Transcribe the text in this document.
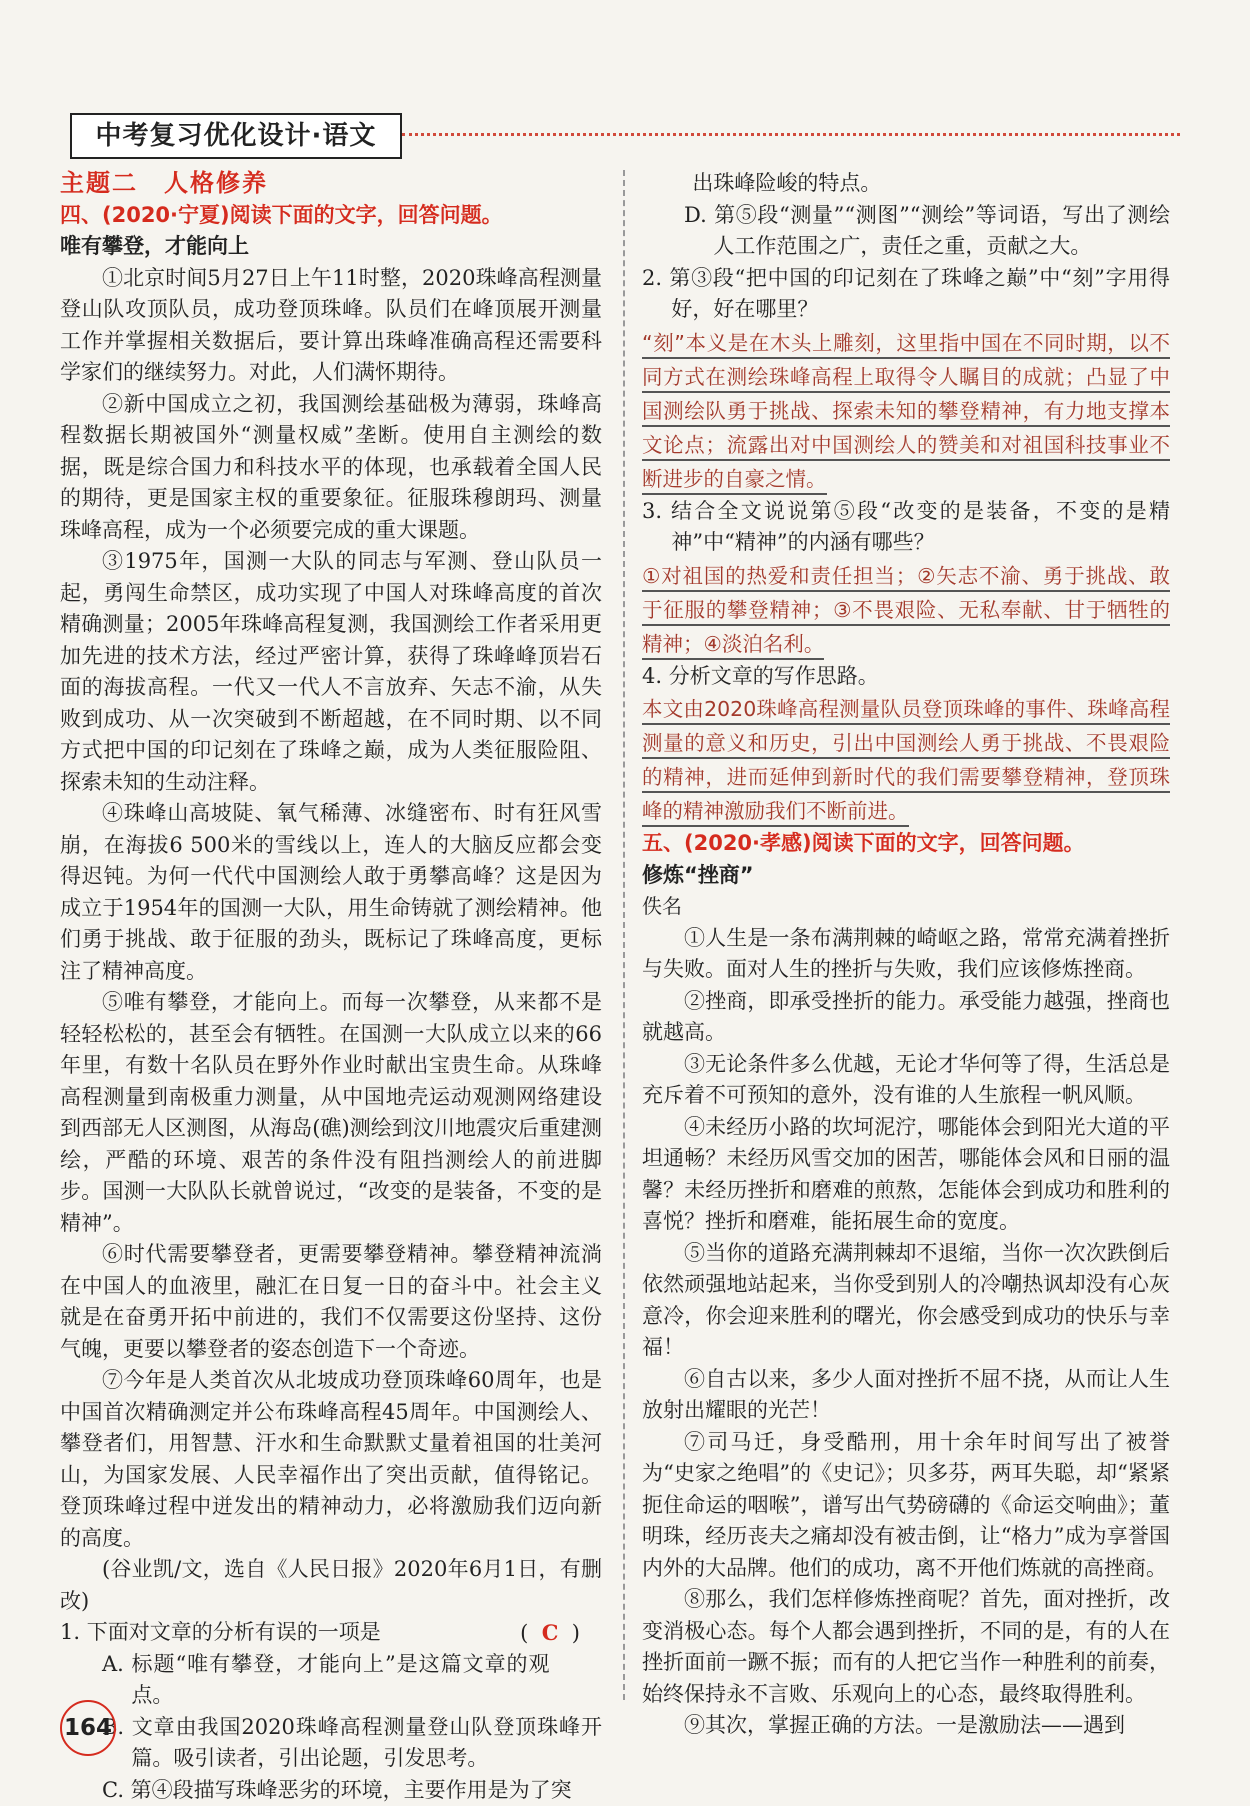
中考复习优化设计·语文

主题二　人格修养

四、(2020·宁夏)阅读下面的文字，回答问题。

唯有攀登，才能向上

①北京时间5月27日上午11时整，2020珠峰高程测量登山队攻顶队员，成功登顶珠峰。队员们在峰顶展开测量工作并掌握相关数据后，要计算出珠峰准确高程还需要科学家们的继续努力。对此，人们满怀期待。

②新中国成立之初，我国测绘基础极为薄弱，珠峰高程数据长期被国外“测量权威”垄断。使用自主测绘的数据，既是综合国力和科技水平的体现，也承载着全国人民的期待，更是国家主权的重要象征。征服珠穆朗玛、测量珠峰高程，成为一个必须要完成的重大课题。

③1975年，国测一大队的同志与军测、登山队员一起，勇闯生命禁区，成功实现了中国人对珠峰高度的首次精确测量；2005年珠峰高程复测，我国测绘工作者采用更加先进的技术方法，经过严密计算，获得了珠峰峰顶岩石面的海拔高程。一代又一代人不言放弃、矢志不渝，从失败到成功、从一次突破到不断超越，在不同时期、以不同方式把中国的印记刻在了珠峰之巅，成为人类征服险阻、探索未知的生动注释。

④珠峰山高坡陡、氧气稀薄、冰缝密布、时有狂风雪崩，在海拔6 500米的雪线以上，连人的大脑反应都会变得迟钝。为何一代代中国测绘人敢于勇攀高峰？这是因为成立于1954年的国测一大队，用生命铸就了测绘精神。他们勇于挑战、敢于征服的劲头，既标记了珠峰高度，更标注了精神高度。

⑤唯有攀登，才能向上。而每一次攀登，从来都不是轻轻松松的，甚至会有牺牲。在国测一大队成立以来的66年里，有数十名队员在野外作业时献出宝贵生命。从珠峰高程测量到南极重力测量，从中国地壳运动观测网络建设到西部无人区测图，从海岛(礁)测绘到汶川地震灾后重建测绘，严酷的环境、艰苦的条件没有阻挡测绘人的前进脚步。国测一大队队长就曾说过，“改变的是装备，不变的是精神”。

⑥时代需要攀登者，更需要攀登精神。攀登精神流淌在中国人的血液里，融汇在日复一日的奋斗中。社会主义就是在奋勇开拓中前进的，我们不仅需要这份坚持、这份气魄，更要以攀登者的姿态创造下一个奇迹。

⑦今年是人类首次从北坡成功登顶珠峰60周年，也是中国首次精确测定并公布珠峰高程45周年。中国测绘人、攀登者们，用智慧、汗水和生命默默丈量着祖国的壮美河山，为国家发展、人民幸福作出了突出贡献，值得铭记。登顶珠峰过程中迸发出的精神动力，必将激励我们迈向新的高度。

(谷业凯/文，选自《人民日报》2020年6月1日，有删改)

1. 下面对文章的分析有误的一项是	( C )

A. 标题“唯有攀登，才能向上”是这篇文章的观点。

B. 文章由我国2020珠峰高程测量登山队登顶珠峰开篇。吸引读者，引出论题，引发思考。

C. 第④段描写珠峰恶劣的环境，主要作用是为了突

出珠峰险峻的特点。

D. 第⑤段“测量”“测图”“测绘”等词语，写出了测绘人工作范围之广，责任之重，贡献之大。

2. 第③段“把中国的印记刻在了珠峰之巅”中“刻”字用得好，好在哪里？

“刻”本义是在木头上雕刻，这里指中国在不同时期，以不同方式在测绘珠峰高程上取得令人瞩目的成就；凸显了中国测绘队勇于挑战、探索未知的攀登精神，有力地支撑本文论点；流露出对中国测绘人的赞美和对祖国科技事业不断进步的自豪之情。

3. 结合全文说说第⑤段“改变的是装备，不变的是精神”中“精神”的内涵有哪些？

①对祖国的热爱和责任担当；②矢志不渝、勇于挑战、敢于征服的攀登精神；③不畏艰险、无私奉献、甘于牺牲的精神；④淡泊名利。

4. 分析文章的写作思路。

本文由2020珠峰高程测量队员登顶珠峰的事件、珠峰高程测量的意义和历史，引出中国测绘人勇于挑战、不畏艰险的精神，进而延伸到新时代的我们需要攀登精神，登顶珠峰的精神激励我们不断前进。

五、(2020·孝感)阅读下面的文字，回答问题。

修炼“挫商”

佚名

①人生是一条布满荆棘的崎岖之路，常常充满着挫折与失败。面对人生的挫折与失败，我们应该修炼挫商。

②挫商，即承受挫折的能力。承受能力越强，挫商也就越高。

③无论条件多么优越，无论才华何等了得，生活总是充斥着不可预知的意外，没有谁的人生旅程一帆风顺。

④未经历小路的坎坷泥泞，哪能体会到阳光大道的平坦通畅？未经历风雪交加的困苦，哪能体会风和日丽的温馨？未经历挫折和磨难的煎熬，怎能体会到成功和胜利的喜悦？挫折和磨难，能拓展生命的宽度。

⑤当你的道路充满荆棘却不退缩，当你一次次跌倒后依然顽强地站起来，当你受到别人的冷嘲热讽却没有心灰意冷，你会迎来胜利的曙光，你会感受到成功的快乐与幸福！

⑥自古以来，多少人面对挫折不屈不挠，从而让人生放射出耀眼的光芒！

⑦司马迁，身受酷刑，用十余年时间写出了被誉为“史家之绝唱”的《史记》；贝多芬，两耳失聪，却“紧紧扼住命运的咽喉”，谱写出气势磅礴的《命运交响曲》；董明珠，经历丧夫之痛却没有被击倒，让“格力”成为享誉国内外的大品牌。他们的成功，离不开他们炼就的高挫商。

⑧那么，我们怎样修炼挫商呢？首先，面对挫折，改变消极心态。每个人都会遇到挫折，不同的是，有的人在挫折面前一蹶不振；而有的人把它当作一种胜利的前奏，始终保持永不言败、乐观向上的心态，最终取得胜利。

⑨其次，掌握正确的方法。一是激励法——遇到

164
